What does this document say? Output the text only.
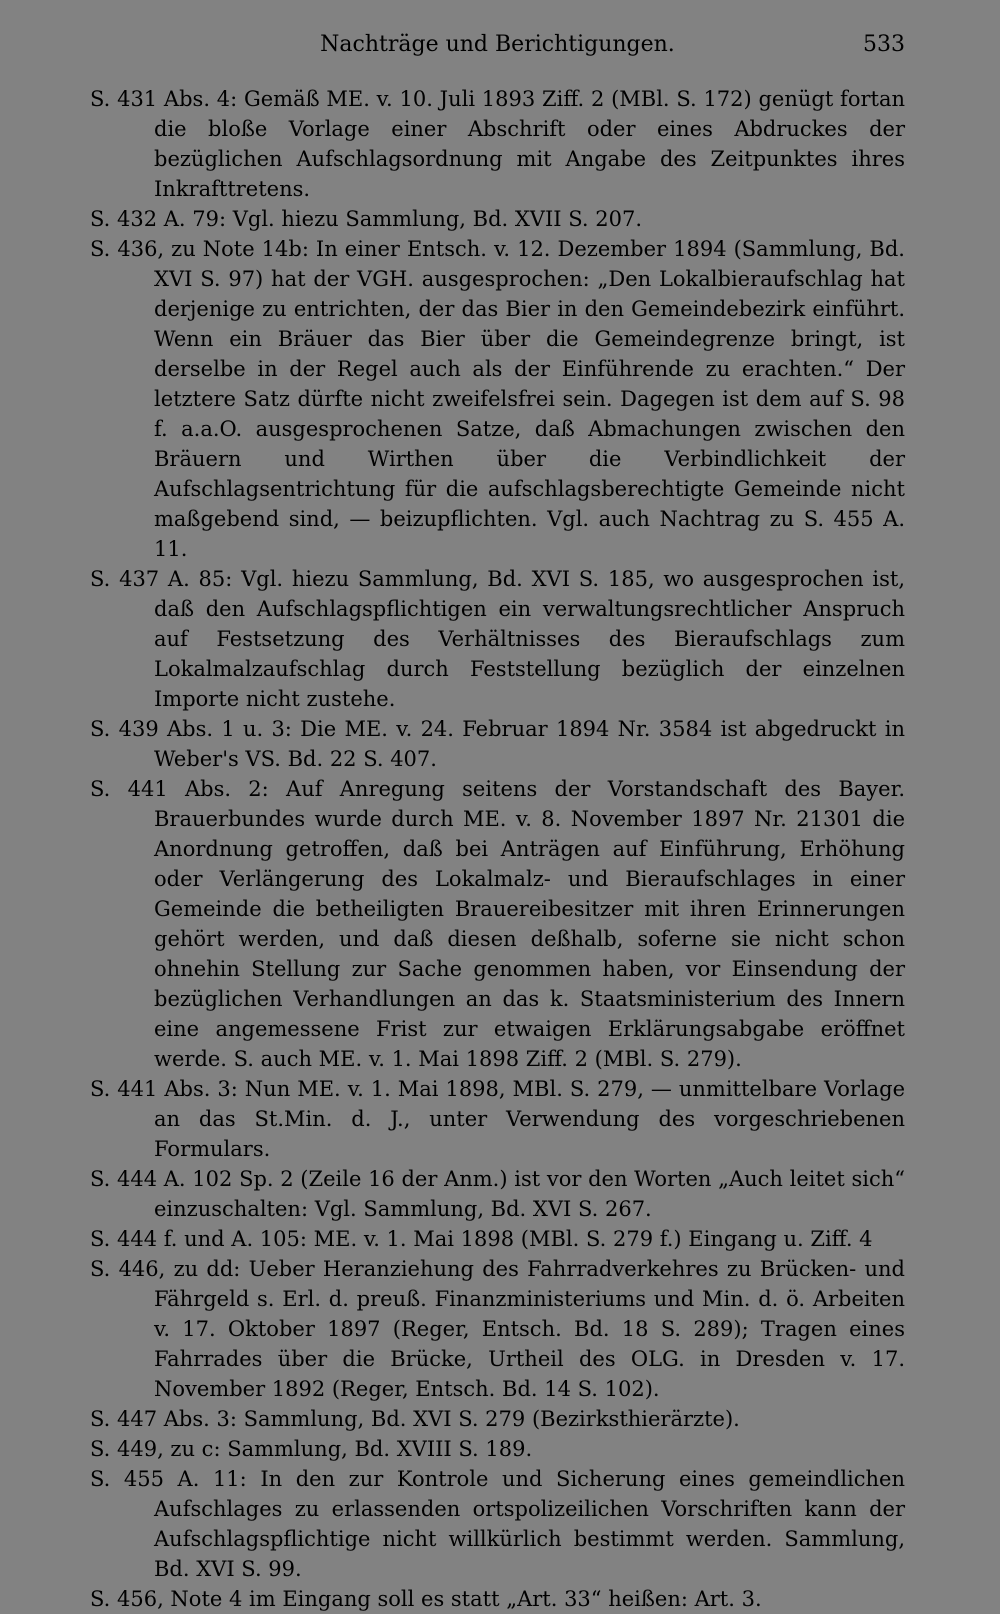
Nachträge und Berichtigungen.	533
S. 431 Abs. 4: Gemäß ME. v. 10. Juli 1893 Ziff. 2 (MBl. S. 172) genügt fortan die bloße Vorlage einer Abschrift oder eines Abdruckes der bezüglichen Aufschlagsordnung mit Angabe des Zeitpunktes ihres Inkrafttretens.
S. 432 A. 79: Vgl. hiezu Sammlung, Bd. XVII S. 207.
S. 436, zu Note 14b: In einer Entsch. v. 12. Dezember 1894 (Sammlung, Bd. XVI S. 97) hat der VGH. ausgesprochen: „Den Lokalbieraufschlag hat derjenige zu entrichten, der das Bier in den Gemeindebezirk einführt. Wenn ein Bräuer das Bier über die Gemeindegrenze bringt, ist derselbe in der Regel auch als der Einführende zu erachten.“ Der letztere Satz dürfte nicht zweifelsfrei sein. Dagegen ist dem auf S. 98 f. a.a.O. ausgesprochenen Satze, daß Abmachungen zwischen den Bräuern und Wirthen über die Verbindlichkeit der Aufschlagsentrichtung für die aufschlagsberechtigte Gemeinde nicht maßgebend sind, — beizupflichten. Vgl. auch Nachtrag zu S. 455 A. 11.
S. 437 A. 85: Vgl. hiezu Sammlung, Bd. XVI S. 185, wo ausgesprochen ist, daß den Aufschlagspflichtigen ein verwaltungsrechtlicher Anspruch auf Festsetzung des Verhältnisses des Bieraufschlags zum Lokalmalzaufschlag durch Feststellung bezüglich der einzelnen Importe nicht zustehe.
S. 439 Abs. 1 u. 3: Die ME. v. 24. Februar 1894 Nr. 3584 ist abgedruckt in Weber's VS. Bd. 22 S. 407.
S. 441 Abs. 2: Auf Anregung seitens der Vorstandschaft des Bayer. Brauerbundes wurde durch ME. v. 8. November 1897 Nr. 21301 die Anordnung getroffen, daß bei Anträgen auf Einführung, Erhöhung oder Verlängerung des Lokalmalz- und Bieraufschlages in einer Gemeinde die betheiligten Brauereibesitzer mit ihren Erinnerungen gehört werden, und daß diesen deßhalb, soferne sie nicht schon ohnehin Stellung zur Sache genommen haben, vor Einsendung der bezüglichen Verhandlungen an das k. Staatsministerium des Innern eine angemessene Frist zur etwaigen Erklärungsabgabe eröffnet werde. S. auch ME. v. 1. Mai 1898 Ziff. 2 (MBl. S. 279).
S. 441 Abs. 3: Nun ME. v. 1. Mai 1898, MBl. S. 279, — unmittelbare Vorlage an das St.Min. d. J., unter Verwendung des vorgeschriebenen Formulars.
S. 444 A. 102 Sp. 2 (Zeile 16 der Anm.) ist vor den Worten „Auch leitet sich“ einzuschalten: Vgl. Sammlung, Bd. XVI S. 267.
S. 444 f. und A. 105: ME. v. 1. Mai 1898 (MBl. S. 279 f.) Eingang u. Ziff. 4
S. 446, zu dd: Ueber Heranziehung des Fahrradverkehres zu Brücken- und Fährgeld s. Erl. d. preuß. Finanzministeriums und Min. d. ö. Arbeiten v. 17. Oktober 1897 (Reger, Entsch. Bd. 18 S. 289); Tragen eines Fahrrades über die Brücke, Urtheil des OLG. in Dresden v. 17. November 1892 (Reger, Entsch. Bd. 14 S. 102).
S. 447 Abs. 3: Sammlung, Bd. XVI S. 279 (Bezirksthierärzte).
S. 449, zu c: Sammlung, Bd. XVIII S. 189.
S. 455 A. 11: In den zur Kontrole und Sicherung eines gemeindlichen Aufschlages zu erlassenden ortspolizeilichen Vorschriften kann der Aufschlagspflichtige nicht willkürlich bestimmt werden. Sammlung, Bd. XVI S. 99.
S. 456, Note 4 im Eingang soll es statt „Art. 33“ heißen: Art. 3.
